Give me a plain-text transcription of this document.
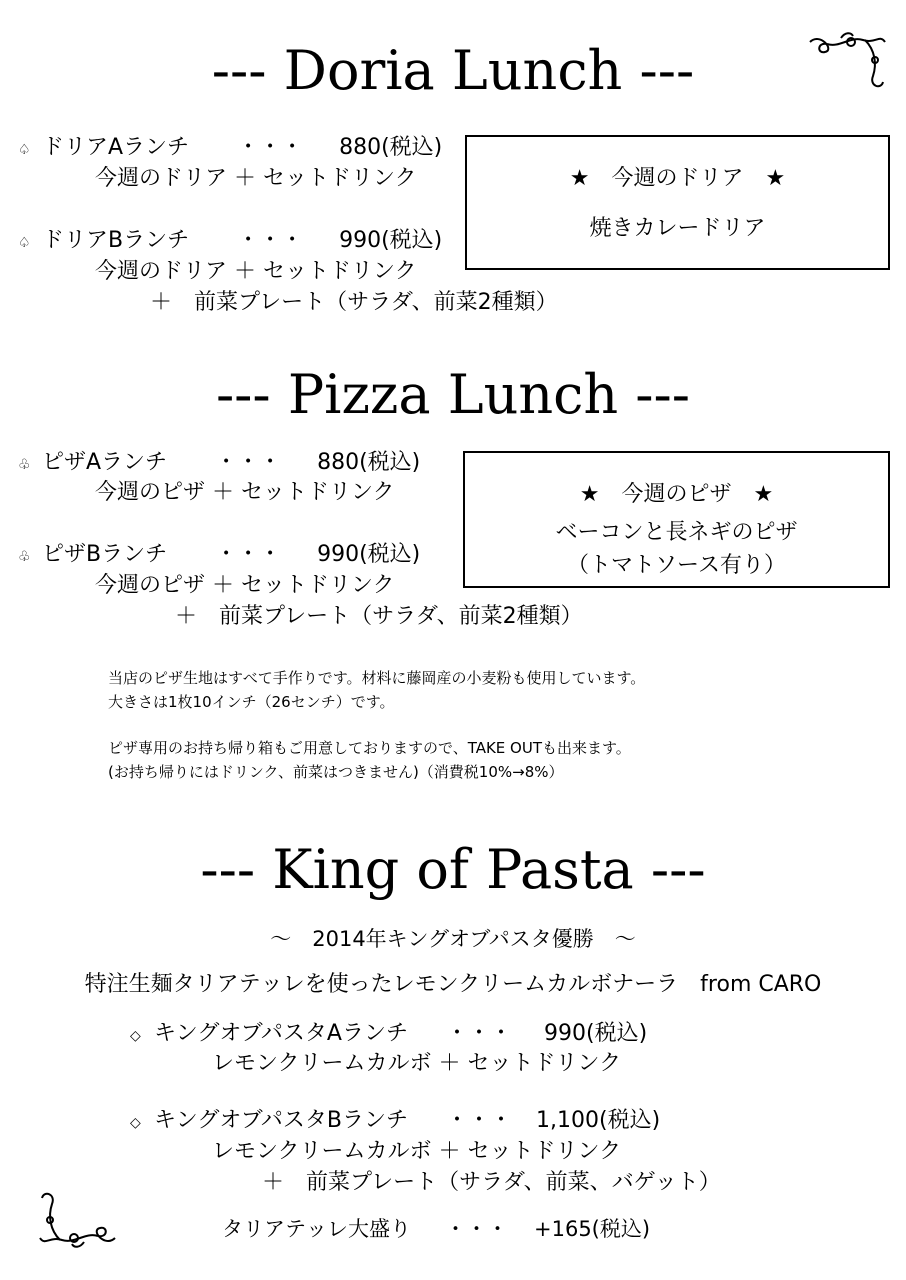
--- Doria Lunch ---
♤ ドリアAランチ ・・・ 880(税込)
今週のドリア ＋ セットドリンク
♤ ドリアBランチ ・・・ 990(税込)
今週のドリア ＋ セットドリンク
＋　前菜プレート（サラダ、前菜2種類）
★　今週のドリア　★
焼きカレードリア
--- Pizza Lunch ---
♧ ピザAランチ ・・・ 880(税込)
今週のピザ ＋ セットドリンク
♧ ピザBランチ ・・・ 990(税込)
今週のピザ ＋ セットドリンク
＋　前菜プレート（サラダ、前菜2種類）
★　今週のピザ　★
ベーコンと長ネギのピザ
（トマトソース有り）
当店のピザ生地はすべて手作りです。材料に藤岡産の小麦粉も使用しています。
大きさは1枚10インチ（26センチ）です。
ピザ専用のお持ち帰り箱もご用意しておりますので、TAKE OUTも出来ます。
(お持ち帰りにはドリンク、前菜はつきません)（消費税10%→8%）
--- King of Pasta ---
～　2014年キングオブパスタ優勝　～
特注生麺タリアテッレを使ったレモンクリームカルボナーラ　from CARO
◇ キングオブパスタAランチ ・・・ 990(税込)
レモンクリームカルボ ＋ セットドリンク
◇ キングオブパスタBランチ ・・・ 1,100(税込)
レモンクリームカルボ ＋ セットドリンク
＋　前菜プレート（サラダ、前菜、バゲット）
タリアテッレ大盛り ・・・ +165(税込)
